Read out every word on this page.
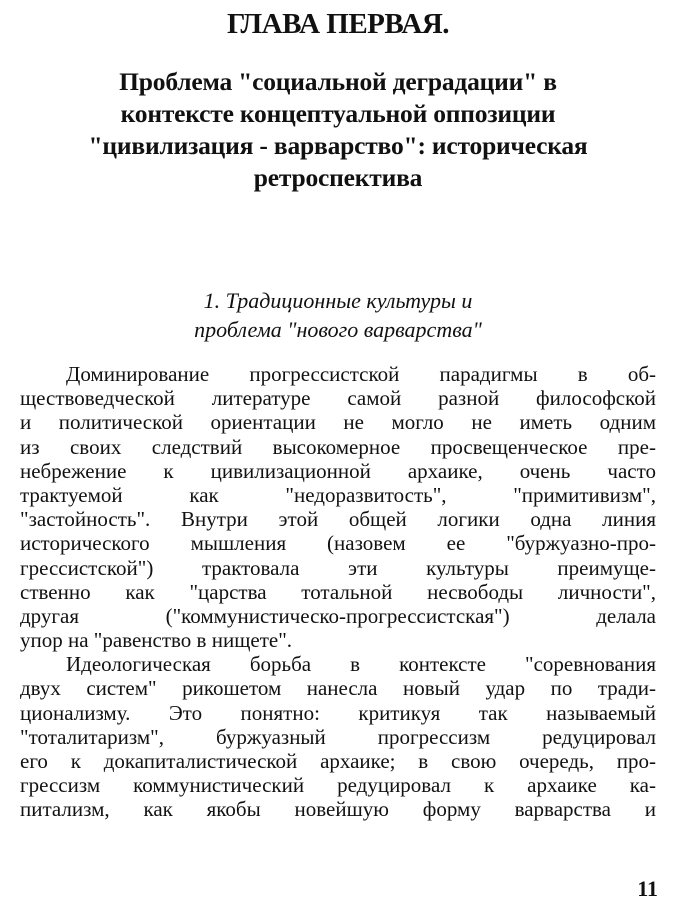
ГЛАВА ПЕРВАЯ.
Проблема "социальной деградации" в
контексте концептуальной оппозиции
"цивилизация - варварство": историческая
ретроспектива
1. Традиционные культуры и
проблема "нового варварства"
Доминирование прогрессистской парадигмы в об-
ществоведческой литературе самой разной философской
и политической ориентации не могло не иметь одним
из своих следствий высокомерное просвещенческое пре-
небрежение к цивилизационной архаике, очень часто
трактуемой как "недоразвитость", "примитивизм",
"застойность". Внутри этой общей логики одна линия
исторического мышления (назовем ее "буржуазно-про-
грессистской") трактовала эти культуры преимуще-
ственно как "царства тотальной несвободы личности",
другая ("коммунистическо-прогрессистская") делала
упор на "равенство в нищете".
Идеологическая борьба в контексте "соревнования
двух систем" рикошетом нанесла новый удар по тради-
ционализму. Это понятно: критикуя так называемый
"тоталитаризм", буржуазный прогрессизм редуцировал
его к докапиталистической архаике; в свою очередь, про-
грессизм коммунистический редуцировал к архаике ка-
питализм, как якобы новейшую форму варварства и
11
